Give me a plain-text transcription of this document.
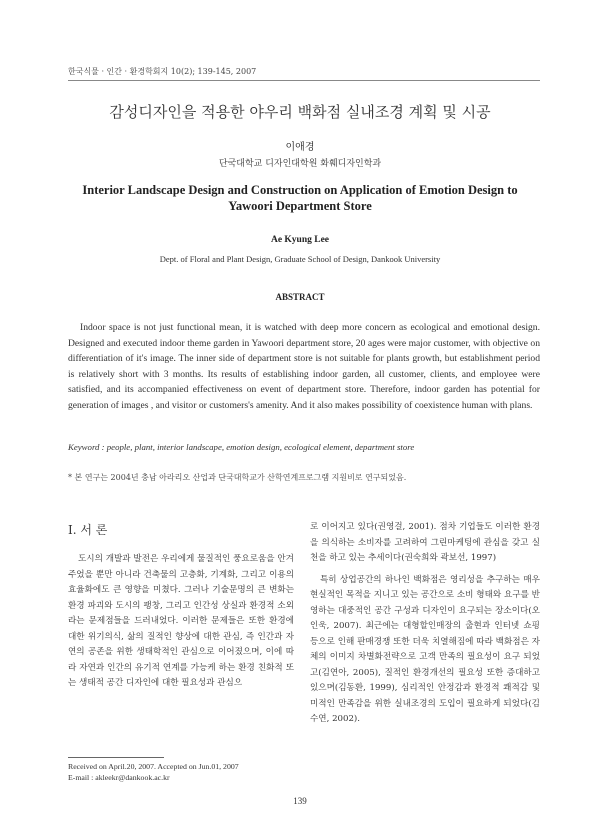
한국식물 · 인간 · 환경학회지 10(2); 139-145, 2007
감성디자인을 적용한 야우리 백화점 실내조경 계획 및 시공
이애경
단국대학교 디자인대학원 화훼디자인학과
Interior Landscape Design and Construction on Application of Emotion Design to Yawoori Department Store
Ae Kyung Lee
Dept. of Floral and Plant Design, Graduate School of Design, Dankook University
ABSTRACT

Indoor space is not just functional mean, it is watched with deep more concern as ecological and emotional design. Designed and executed indoor theme garden in Yawoori department store, 20 ages were major customer, with objective on differentiation of it's image. The inner side of department store is not suitable for plants growth, but establishment period is relatively short with 3 months. Its results of establishing indoor garden, all customer, clients, and employee were satisfied, and its accompanied effectiveness on event of department store. Therefore, indoor garden has potential for generation of images , and visitor or customers's amenity. And it also makes possibility of coexistence human with plans.

Keyword : people, plant, interior landscape, emotion design, ecological element, department store
* 본 연구는 2004년 충남 아라리오 산업과 단국대학교가 산학연계프로그램 지원비로 연구되었음.
Ⅰ. 서 론

도시의 개발과 발전은 우리에게 물질적인 풍요로움을 안겨주었을 뿐만 아니라 건축물의 고층화, 기계화, 그리고 이용의 효율화에도 큰 영향을 미쳤다. 그러나 기술문명의 큰 변화는 환경 파괴와 도시의 팽창, 그리고 인간성 상실과 환경적 소외라는 문제점들을 드러내었다. 이러한 문제들은 또한 환경에 대한 위기의식, 삶의 질적인 향상에 대한 관심, 즉 인간과 자연의 공존을 위한 생태학적인 관심으로 이어졌으며, 이에 따라 자연과 인간의 유기적 연계를 가능케 하는 환경 친화적 또는 생태적 공간 디자인에 대한 필요성과 관심으

로 이어지고 있다(권영걸, 2001). 점차 기업들도 이러한 환경을 의식하는 소비자를 고려하여 그린마케팅에 관심을 갖고 실천을 하고 있는 추세이다(권숙희와 곽보선, 1997)

특히 상업공간의 하나인 백화점은 영리성을 추구하는 매우 현실적인 목적을 지니고 있는 공간으로 소비 형태와 요구를 반영하는 대중적인 공간 구성과 디자인이 요구되는 장소이다(오인욱, 2007). 최근에는 대형할인매장의 출현과 인터넷 쇼핑 등으로 인해 판매경쟁 또한 더욱 치열해짐에 따라 백화점은 자체의 이미지 차별화전략으로 고객 만족의 필요성이 요구 되었고(김연아, 2005), 질적인 환경개선의 필요성 또한 증대하고 있으며(김동환, 1999), 심리적인 안정감과 환경적 쾌적감 및 미적인 만족감을 위한 실내조경의 도입이 필요하게 되었다(김수연, 2002).

Received on April.20, 2007. Accepted on Jun.01, 2007
E-mail : akleekr@dankook.ac.kr
139
